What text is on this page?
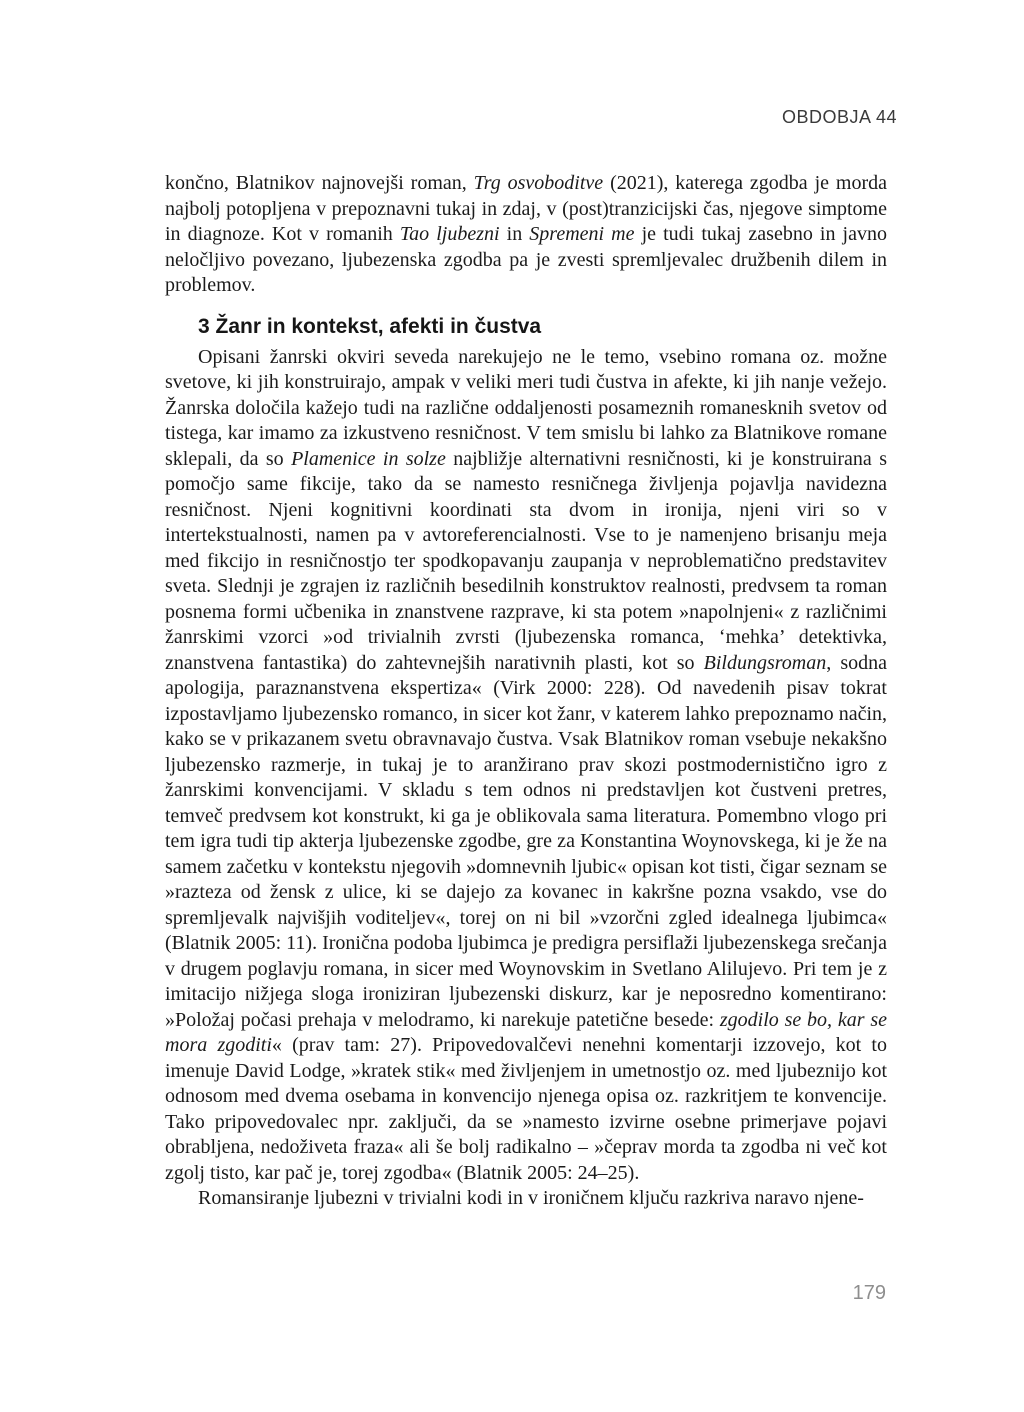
OBDOBJA 44

končno, Blatnikov najnovejši roman, Trg osvoboditve (2021), katerega zgodba je morda najbolj potopljena v prepoznavni tukaj in zdaj, v (post)tranzicijski čas, njegove simptome in diagnoze. Kot v romanih Tao ljubezni in Spremeni me je tudi tukaj zasebno in javno neločljivo povezano, ljubezenska zgodba pa je zvesti spremljevalec družbenih dilem in problemov.

3 Žanr in kontekst, afekti in čustva

Opisani žanrski okviri seveda narekujejo ne le temo, vsebino romana oz. možne svetove, ki jih konstruirajo, ampak v veliki meri tudi čustva in afekte, ki jih nanje vežejo. Žanrska določila kažejo tudi na različne oddaljenosti posameznih romanesknih svetov od tistega, kar imamo za izkustveno resničnost. V tem smislu bi lahko za Blatnikove romane sklepali, da so Plamenice in solze najbližje alternativni resničnosti, ki je konstruirana s pomočjo same fikcije, tako da se namesto resničnega življenja pojavlja navidezna resničnost. Njeni kognitivni koordinati sta dvom in ironija, njeni viri so v intertekstualnosti, namen pa v avtoreferencialnosti. Vse to je namenjeno brisanju meja med fikcijo in resničnostjo ter spodkopavanju zaupanja v neproblematično predstavitev sveta. Slednji je zgrajen iz različnih besedilnih konstruktov realnosti, predvsem ta roman posnema formi učbenika in znanstvene razprave, ki sta potem »napolnjeni« z različnimi žanrskimi vzorci »od trivialnih zvrsti (ljubezenska romanca, ‘mehka’ detektivka, znanstvena fantastika) do zahtevnejših narativnih plasti, kot so Bildungsroman, sodna apologija, paraznanstvena ekspertiza« (Virk 2000: 228). Od navedenih pisav tokrat izpostavljamo ljubezensko romanco, in sicer kot žanr, v katerem lahko prepoznamo način, kako se v prikazanem svetu obravnavajo čustva. Vsak Blatnikov roman vsebuje nekakšno ljubezensko razmerje, in tukaj je to aranžirano prav skozi postmodernistično igro z žanrskimi konvencijami. V skladu s tem odnos ni predstavljen kot čustveni pretres, temveč predvsem kot konstrukt, ki ga je oblikovala sama literatura. Pomembno vlogo pri tem igra tudi tip akterja ljubezenske zgodbe, gre za Konstantina Woynovskega, ki je že na samem začetku v kontekstu njegovih »domnevnih ljubic« opisan kot tisti, čigar seznam se »razteza od žensk z ulice, ki se dajejo za kovanec in kakršne pozna vsakdo, vse do spremljevalk najvišjih voditeljev«, torej on ni bil »vzorčni zgled idealnega ljubimca« (Blatnik 2005: 11). Ironična podoba ljubimca je predigra persiflaži ljubezenskega srečanja v drugem poglavju romana, in sicer med Woynovskim in Svetlano Alilujevo. Pri tem je z imitacijo nižjega sloga ironiziran ljubezenski diskurz, kar je neposredno komentirano: »Položaj počasi prehaja v melodramo, ki narekuje patetične besede: zgodilo se bo, kar se mora zgoditi« (prav tam: 27). Pripovedovalčevi nenehni komentarji izzovejo, kot to imenuje David Lodge, »kratek stik« med življenjem in umetnostjo oz. med ljubeznijo kot odnosom med dvema osebama in konvencijo njenega opisa oz. razkritjem te konvencije. Tako pripovedovalec npr. zaključi, da se »namesto izvirne osebne primerjave pojavi obrabljena, nedoživeta fraza« ali še bolj radikalno – »čeprav morda ta zgodba ni več kot zgolj tisto, kar pač je, torej zgodba« (Blatnik 2005: 24–25).

Romansiranje ljubezni v trivialni kodi in v ironičnem ključu razkriva naravo njene-

179
